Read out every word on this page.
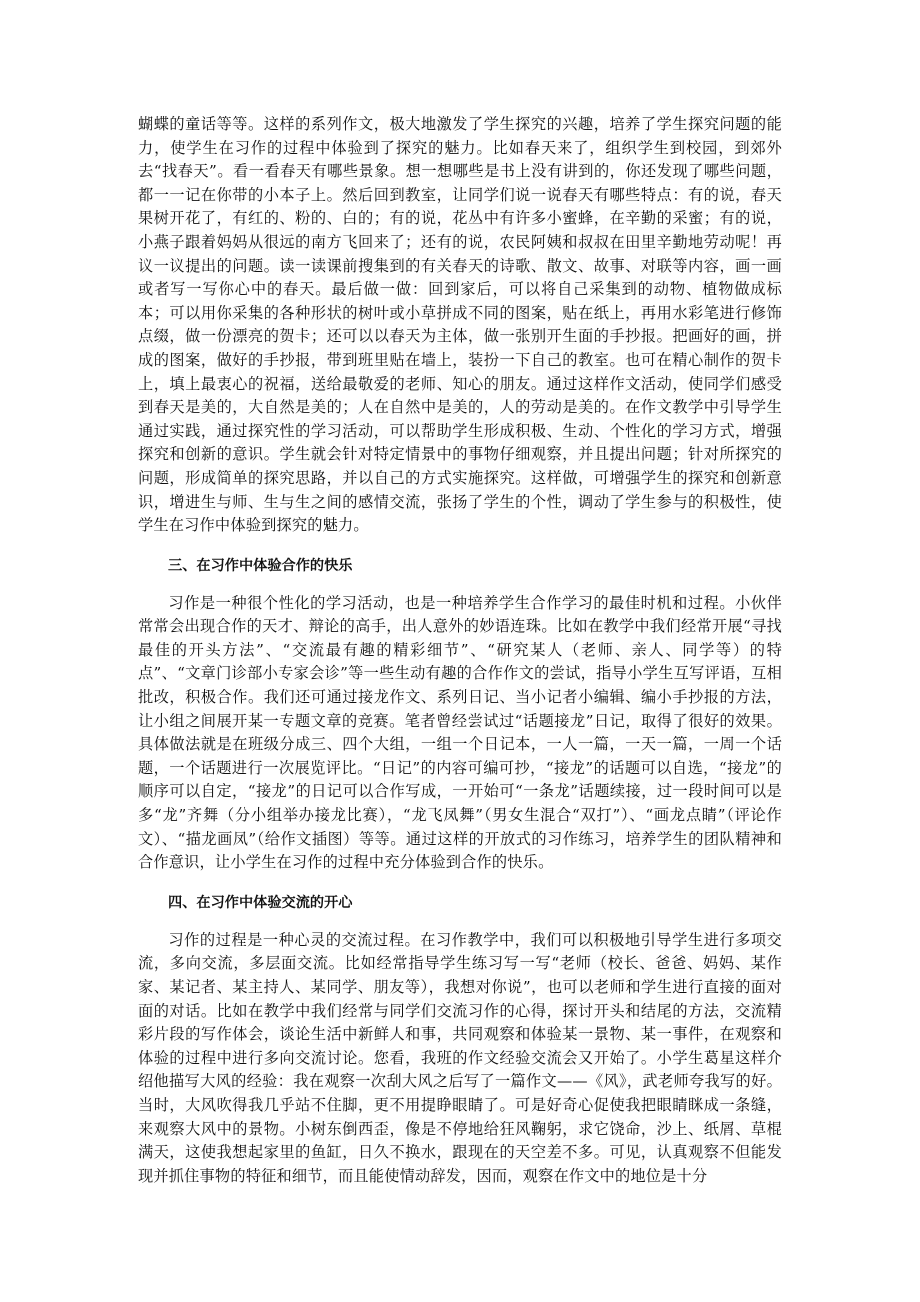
蝴蝶的童话等等。这样的系列作文，极大地激发了学生探究的兴趣，培养了学生探究问题的能力，使学生在习作的过程中体验到了探究的魅力。比如春天来了，组织学生到校园，到郊外去“找春天”。看一看春天有哪些景象。想一想哪些是书上没有讲到的，你还发现了哪些问题，都一一记在你带的小本子上。然后回到教室，让同学们说一说春天有哪些特点：有的说，春天果树开花了，有红的、粉的、白的；有的说，花丛中有许多小蜜蜂，在辛勤的采蜜；有的说，小燕子跟着妈妈从很远的南方飞回来了；还有的说，农民阿姨和叔叔在田里辛勤地劳动呢！再议一议提出的问题。读一读课前搜集到的有关春天的诗歌、散文、故事、对联等内容，画一画或者写一写你心中的春天。最后做一做：回到家后，可以将自己采集到的动物、植物做成标本；可以用你采集的各种形状的树叶或小草拼成不同的图案，贴在纸上，再用水彩笔进行修饰点缀，做一份漂亮的贺卡；还可以以春天为主体，做一张别开生面的手抄报。把画好的画，拼成的图案，做好的手抄报，带到班里贴在墙上，装扮一下自己的教室。也可在精心制作的贺卡上，填上最衷心的祝福，送给最敬爱的老师、知心的朋友。通过这样作文活动，使同学们感受到春天是美的，大自然是美的；人在自然中是美的，人的劳动是美的。在作文教学中引导学生通过实践，通过探究性的学习活动，可以帮助学生形成积极、生动、个性化的学习方式，增强探究和创新的意识。学生就会针对特定情景中的事物仔细观察，并且提出问题；针对所探究的问题，形成简单的探究思路，并以自己的方式实施探究。这样做，可增强学生的探究和创新意识，增进生与师、生与生之间的感情交流，张扬了学生的个性，调动了学生参与的积极性，使学生在习作中体验到探究的魅力。

三、在习作中体验合作的快乐

习作是一种很个性化的学习活动，也是一种培养学生合作学习的最佳时机和过程。小伙伴常常会出现合作的天才、辩论的高手，出人意外的妙语连珠。比如在教学中我们经常开展“寻找最佳的开头方法”、“交流最有趣的精彩细节”、“研究某人（老师、亲人、同学等）的特点”、“文章门诊部小专家会诊”等一些生动有趣的合作作文的尝试，指导小学生互写评语，互相批改，积极合作。我们还可通过接龙作文、系列日记、当小记者小编辑、编小手抄报的方法，让小组之间展开某一专题文章的竞赛。笔者曾经尝试过“话题接龙”日记，取得了很好的效果。具体做法就是在班级分成三、四个大组，一组一个日记本，一人一篇，一天一篇，一周一个话题，一个话题进行一次展览评比。“日记”的内容可编可抄，“接龙”的话题可以自选，“接龙”的顺序可以自定，“接龙”的日记可以合作写成，一开始可“一条龙”话题续接，过一段时间可以是多“龙”齐舞（分小组举办接龙比赛），“龙飞凤舞”（男女生混合“双打”）、“画龙点睛”（评论作文）、“描龙画凤”（给作文插图）等等。通过这样的开放式的习作练习，培养学生的团队精神和合作意识，让小学生在习作的过程中充分体验到合作的快乐。

四、在习作中体验交流的开心

习作的过程是一种心灵的交流过程。在习作教学中，我们可以积极地引导学生进行多项交流，多向交流，多层面交流。比如经常指导学生练习写一写“老师（校长、爸爸、妈妈、某作家、某记者、某主持人、某同学、朋友等），我想对你说”，也可以老师和学生进行直接的面对面的对话。比如在教学中我们经常与同学们交流习作的心得，探讨开头和结尾的方法，交流精彩片段的写作体会，谈论生活中新鲜人和事，共同观察和体验某一景物、某一事件，在观察和体验的过程中进行多向交流讨论。您看，我班的作文经验交流会又开始了。小学生葛星这样介绍他描写大风的经验：我在观察一次刮大风之后写了一篇作文——《风》，武老师夸我写的好。当时，大风吹得我几乎站不住脚，更不用提睁眼睛了。可是好奇心促使我把眼睛眯成一条缝，来观察大风中的景物。小树东倒西歪，像是不停地给狂风鞠躬，求它饶命，沙上、纸屑、草棍满天，这使我想起家里的鱼缸，日久不换水，跟现在的天空差不多。可见，认真观察不但能发现并抓住事物的特征和细节，而且能使情动辞发，因而，观察在作文中的地位是十分
